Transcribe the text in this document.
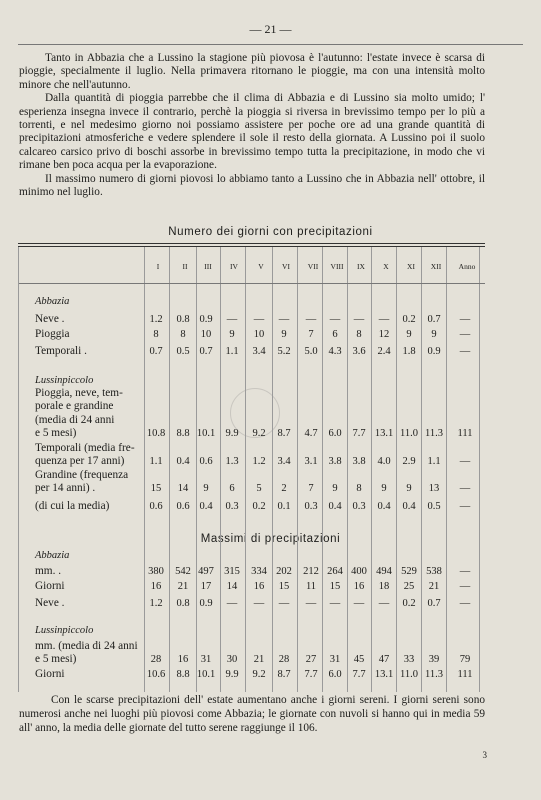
— 21 —

Tanto in Abbazia che a Lussino la stagione più piovosa è l'autunno: l'estate invece è scarsa di pioggie, specialmente il luglio. Nella primavera ritornano le pioggie, ma con una intensità molto minore che nell'autunno.

Dalla quantità di pioggia parrebbe che il clima di Abbazia e di Lussino sia molto umido; l' esperienza insegna invece il contrario, perchè la pioggia si riversa in brevissimo tempo per lo più a torrenti, e nel medesimo giorno noi possiamo assistere per poche ore ad una grande quantità di precipitazioni atmosferiche e vedere splendere il sole il resto della giornata. A Lussino poi il suolo calcareo carsico privo di boschi assorbe in brevissimo tempo tutta la precipitazione, in modo che vi rimane ben poca acqua per la evaporazione.

Il massimo numero di giorni piovosi lo abbiamo tanto a Lussino che in Abbazia nell' ottobre, il minimo nel luglio.

Numero dei giorni con precipitazioni
Massimi di precipitazioni

Con le scarse precipitazioni dell' estate aumentano anche i giorni sereni. I giorni sereni sono numerosi anche nei luoghi più piovosi come Abbazia; le giornate con nuvoli si hanno qui in media 59 all' anno, la media delle giornate del tutto serene raggiunge il 106.

3
I	II	III	IV	V	VI	VII	VIII	IX	X	XI	XII	Anno
Abbazia
Neve .	1.2	0.8 0.9	—	—	—	—	—	—	—	0.2	0.7	—
Pioggia	8	8	10	9	10	9	7	6	8	12	9	9	—
Temporali .	0.7	0.5 0.7	1.1	3.4	5.2	5.0	4.3	3.6	2.4	1.8	0.9	—
Lussinpiccolo
Pioggia, neve, tem-
porale e grandine
(media di 24 anni
e 5 mesi)	10.8	8.8 10.1 9.9	9.2	8.7	4.7	6.0	7.7 13.1 11.0 11.3	111
Temporali (media fre-
quenza per 17 anni)	1.1	0.4 0.6	1.3	1.2	3.4	3.1	3.8	3.8	4.0	2.9	1.1	—
Grandine (frequenza
per 14 anni) .	15	14	9	6	5	2	7	9	8	9	9	13	—
(di cui la media)	0.6	0.6 0.4	0.3	0.2	0.1	0.3	0.4	0.3	0.4	0.4	0.5	—
Abbazia
mm. .	380	542 497 315	334 202	212 264 400 494 529 538	—
Giorni	16	21	17	14	16	15	11	15	16	18	25	21	—
Neve .	1.2	0.8 0.9	—	—	—	—	—	—	—	0.2	0.7	—
Lussinpiccolo
mm. (media di 24 anni
e 5 mesi)	28	16	31	30	21	28	27	31	45	47	33	39	79
Giorni	10.6	8.8 10.1 9.9	9.2	8.7	7.7	6.0	7.7 13.1 11.0 11.3	111
